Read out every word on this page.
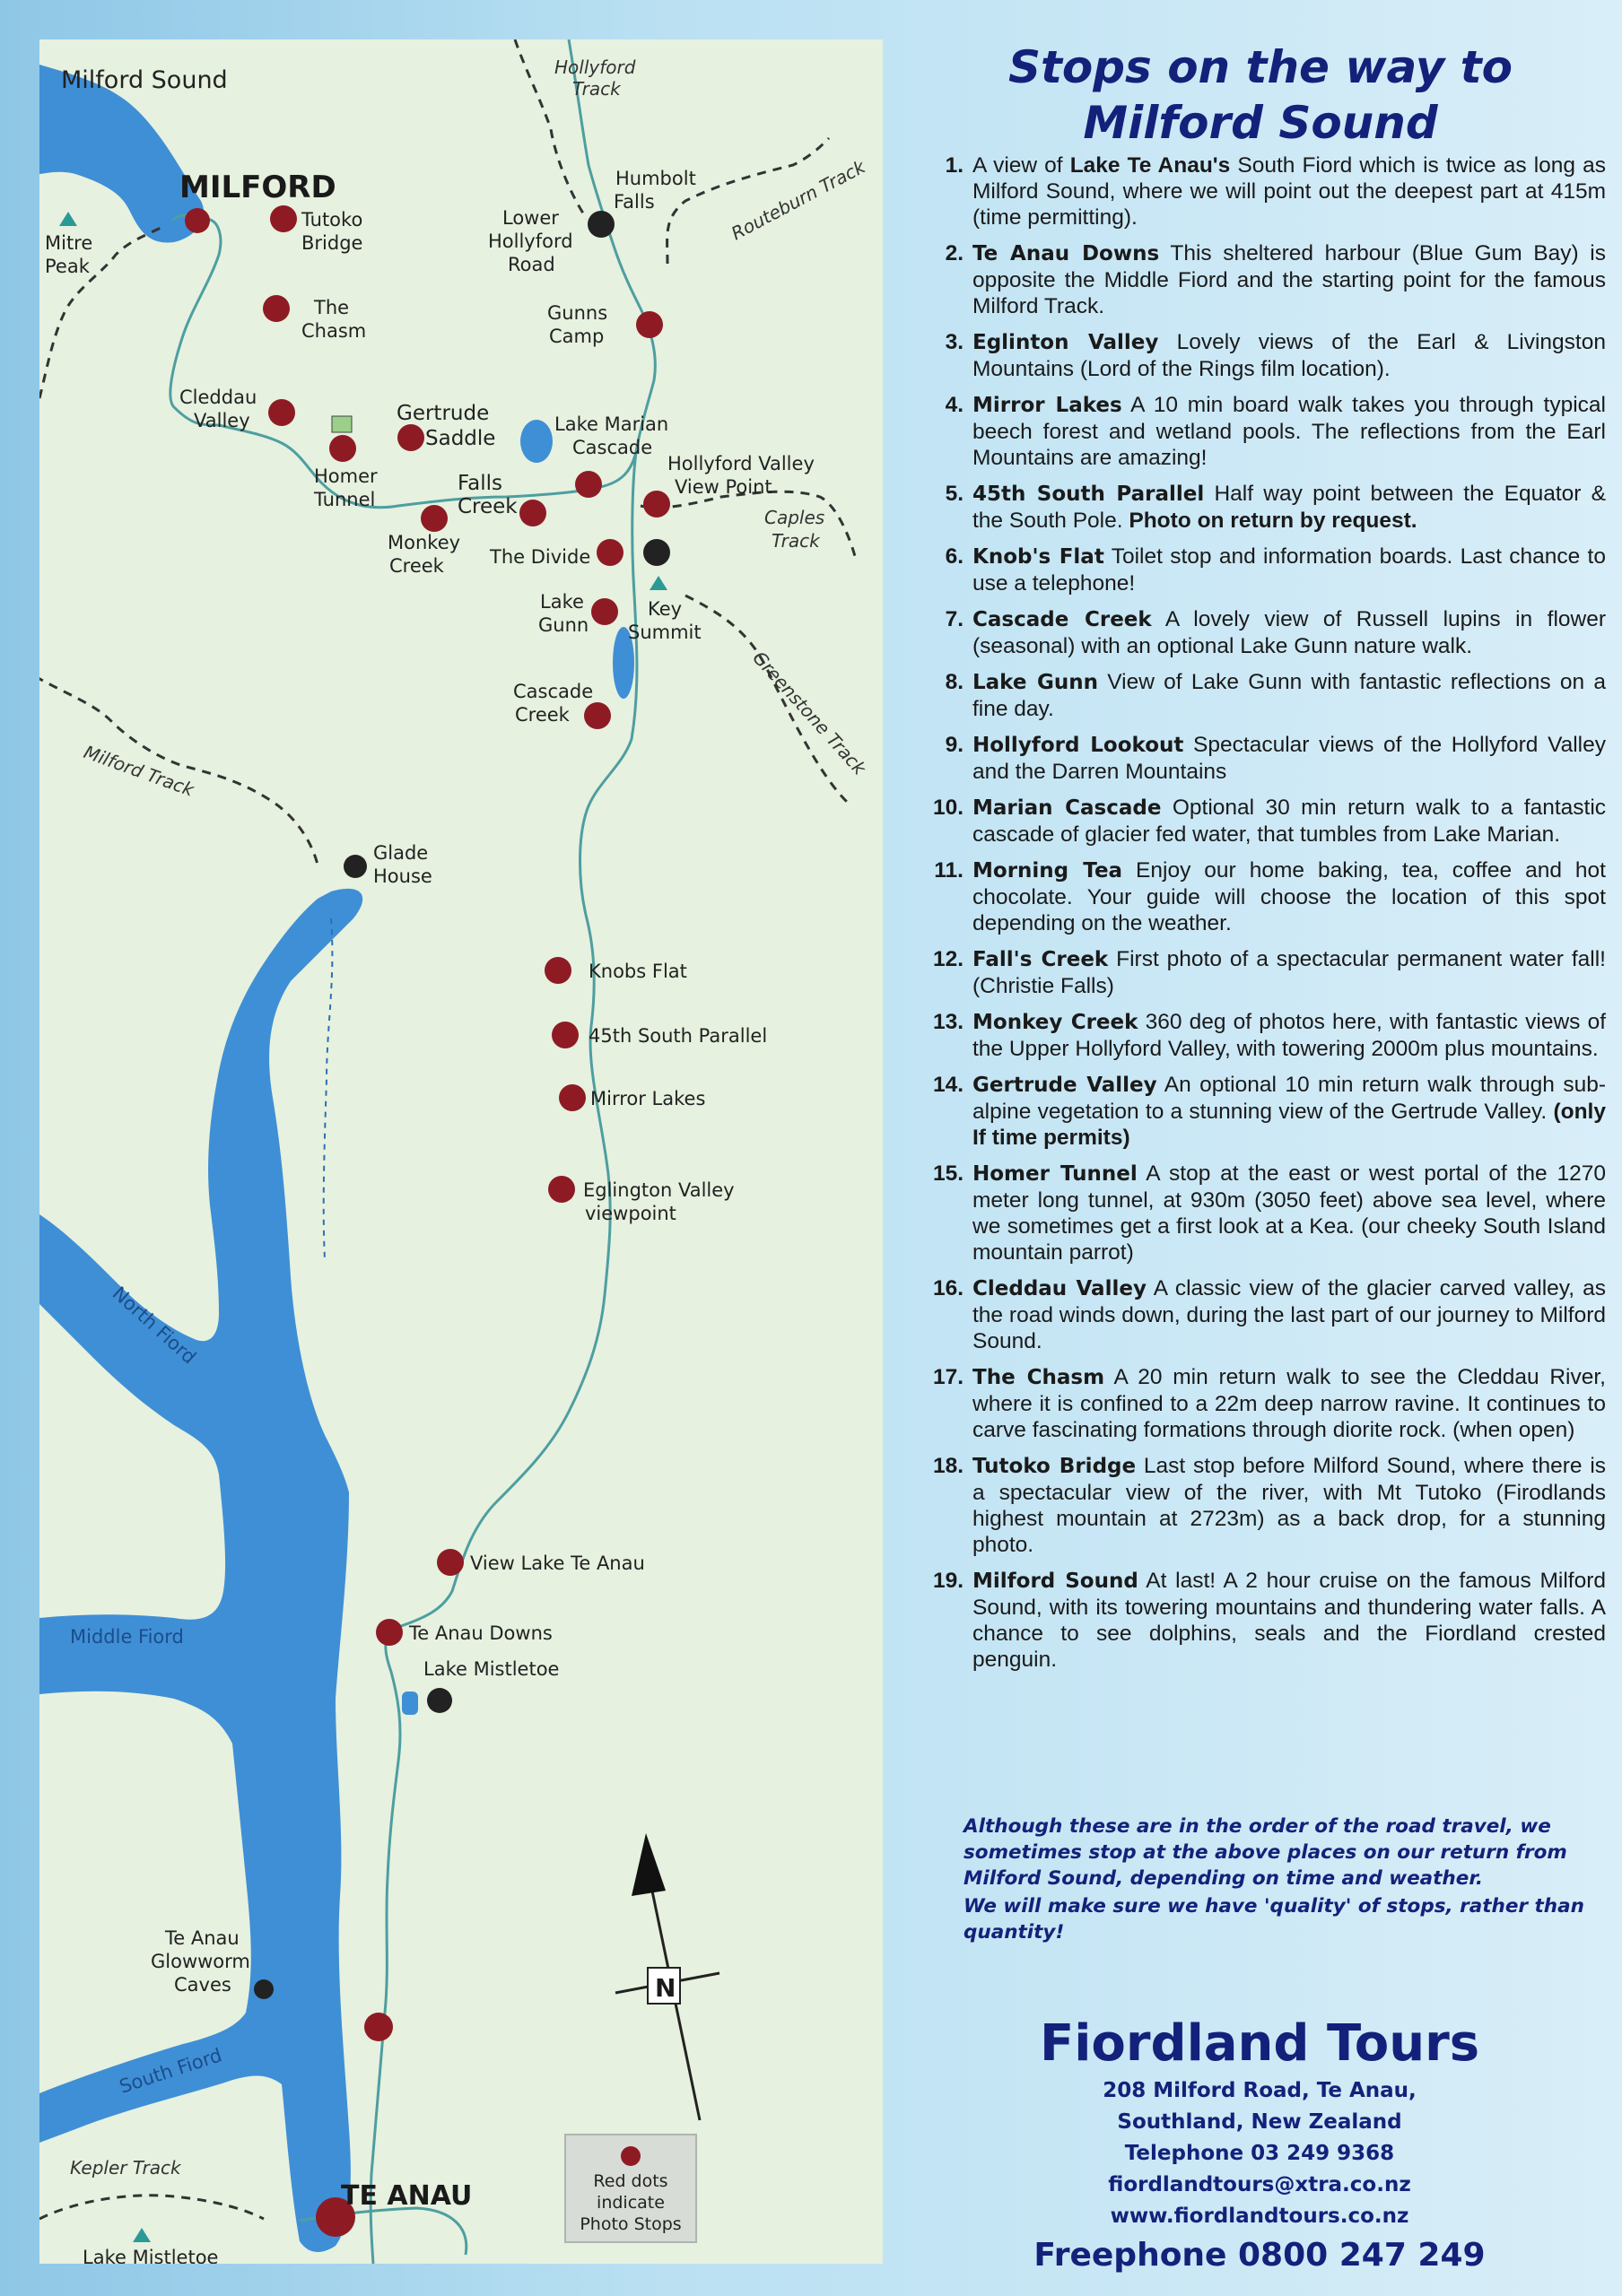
Milford Sound
MILFORD
Mitre
Peak
Tutoko
Bridge
The
Chasm
Cleddau
Valley
Homer
Tunnel
Gertrude
Saddle
Falls
Creek
Monkey
Creek
Lower
Hollyford
Road
Humbolt
Falls
Gunns
Camp
Lake Marian
Cascade
Hollyford Valley
View Point
The Divide
Key
Summit
Lake
Gunn
Cascade
Creek
Glade
House
Knobs Flat
45th South Parallel
Mirror Lakes
Eglington Valley
viewpoint
View Lake Te Anau
Te Anau Downs
Lake Mistletoe
Te Anau
Glowworm
Caves
TE ANAU
Lake Mistletoe
Hollyford
Track
Routeburn Track
Caples
Track
Greenstone Track
Milford Track
Kepler Track
North Fiord
Middle Fiord
South Fiord
N
Red dots
indicate
Photo Stops
Stops on the way to
Milford Sound
1. A view of Lake Te Anau's South Fiord which is twice as long as Milford Sound, where we will point out the deepest part at 415m (time permitting).
2. Te Anau Downs This sheltered harbour (Blue Gum Bay) is opposite the Middle Fiord and the starting point for the famous Milford Track.
3. Eglinton Valley Lovely views of the Earl & Livingston Mountains (Lord of the Rings film location).
4. Mirror Lakes A 10 min board walk takes you through typical beech forest and wetland pools. The reflections from the Earl Mountains are amazing!
5. 45th South Parallel Half way point between the Equator & the South Pole. Photo on return by request.
6. Knob's Flat Toilet stop and information boards. Last chance to use a telephone!
7. Cascade Creek A lovely view of Russell lupins in flower (seasonal) with an optional Lake Gunn nature walk.
8. Lake Gunn View of Lake Gunn with fantastic reflections on a fine day.
9. Hollyford Lookout Spectacular views of the Hollyford Valley and the Darren Mountains
10. Marian Cascade Optional 30 min return walk to a fantastic cascade of glacier fed water, that tumbles from Lake Marian.
11. Morning Tea Enjoy our home baking, tea, coffee and hot chocolate. Your guide will choose the location of this spot depending on the weather.
12. Fall's Creek First photo of a spectacular permanent water fall! (Christie Falls)
13. Monkey Creek 360 deg of photos here, with fantastic views of the Upper Hollyford Valley, with towering 2000m plus mountains.
14. Gertrude Valley An optional 10 min return walk through sub-alpine vegetation to a stunning view of the Gertrude Valley. (only If time permits)
15. Homer Tunnel A stop at the east or west portal of the 1270 meter long tunnel, at 930m (3050 feet) above sea level, where we sometimes get a first look at a Kea. (our cheeky South Island mountain parrot)
16. Cleddau Valley A classic view of the glacier carved valley, as the road winds down, during the last part of our journey to Milford Sound.
17. The Chasm A 20 min return walk to see the Cleddau River, where it is confined to a 22m deep narrow ravine. It continues to carve fascinating formations through diorite rock. (when open)
18. Tutoko Bridge Last stop before Milford Sound, where there is a spectacular view of the river, with Mt Tutoko (Firodlands highest mountain at 2723m) as a back drop, for a stunning photo.
19. Milford Sound At last! A 2 hour cruise on the famous Milford Sound, with its towering mountains and thundering water falls. A chance to see dolphins, seals and the Fiordland crested penguin.

Although these are in the order of the road travel, we sometimes stop at the above places on our return from Milford Sound, depending on time and weather.

We will make sure we have 'quality' of stops, rather than quantity!

Fiordland Tours

208 Milford Road, Te Anau,

Southland, New Zealand

Telephone 03 249 9368

fiordlandtours@xtra.co.nz

www.fiordlandtours.co.nz

Freephone 0800 247 249
